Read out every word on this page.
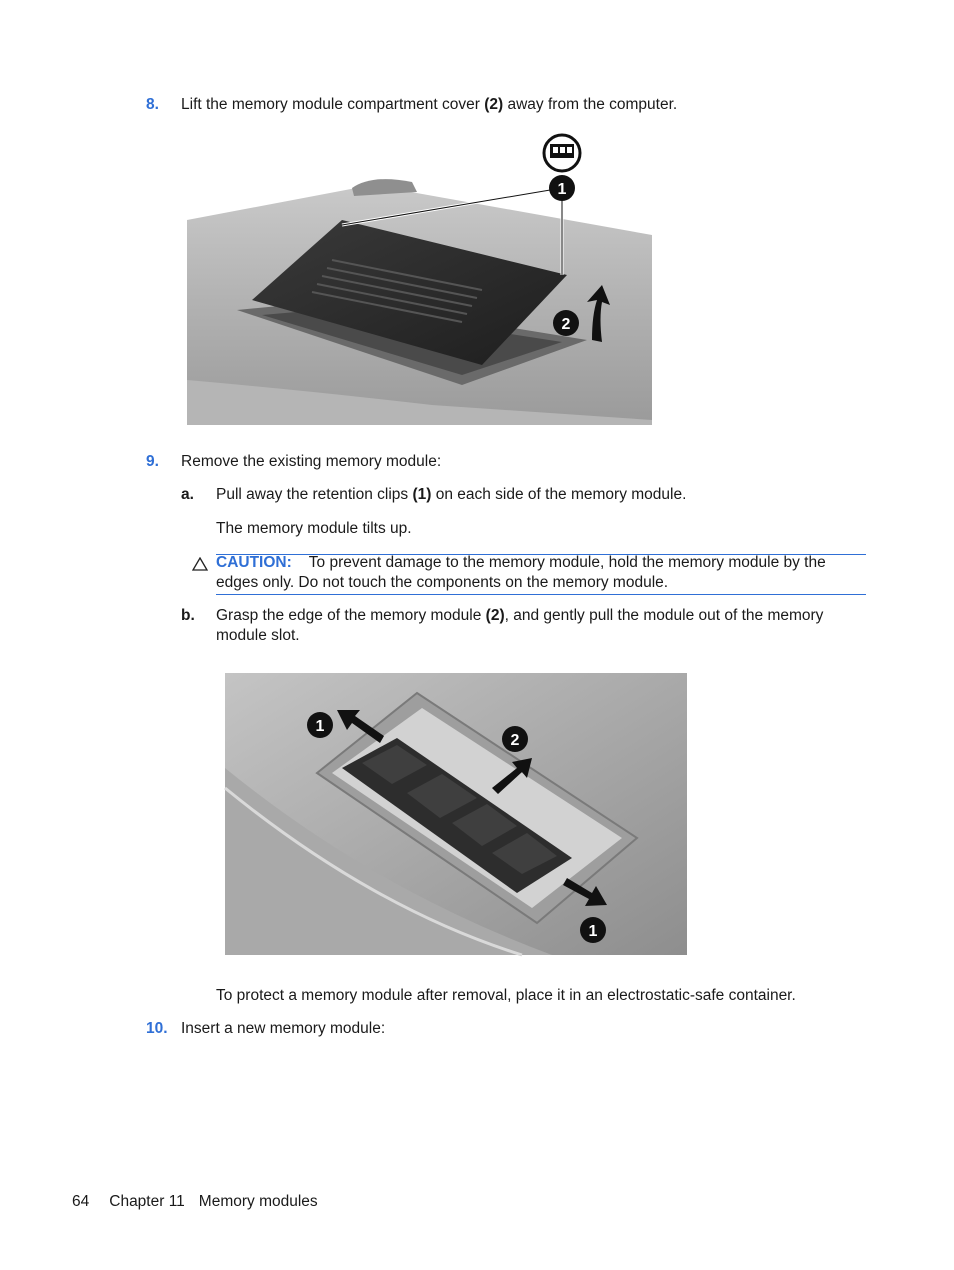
8. Lift the memory module compartment cover (2) away from the computer.
1
2
9. Remove the existing memory module:
a. Pull away the retention clips (1) on each side of the memory module.
The memory module tilts up.
CAUTION: To prevent damage to the memory module, hold the memory module by the
edges only. Do not touch the components on the memory module.
b. Grasp the edge of the memory module (2), and gently pull the module out of the memory
module slot.
1
2
1
To protect a memory module after removal, place it in an electrostatic-safe container.
10. Insert a new memory module:
64 Chapter 11 Memory modules
